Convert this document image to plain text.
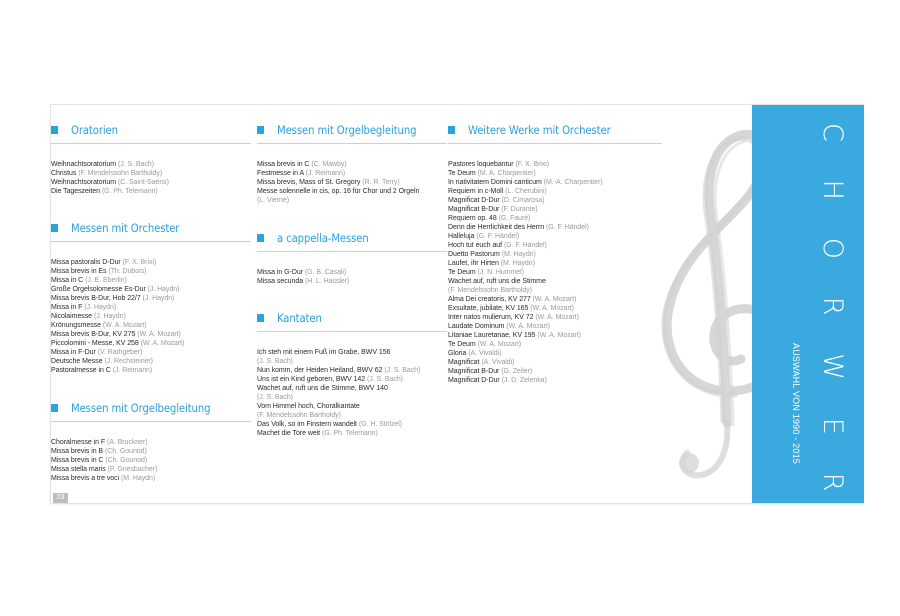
Oratorien
Weihnachtsoratorium (J. S. Bach)
Christus (F. Mendelssohn Bartholdy)
Weihnachtsoratorium (C. Saint-Saëns)
Die Tageszeiten (G. Ph. Telemann)
Messen mit Orchester
Missa pastoralis D-Dur (F. X. Brixi)
Missa brevis in Es (Th. Dubois)
Missa in C (J. E. Eberlin)
Große Orgelsolomesse Es-Dur (J. Haydn)
Missa brevis B-Dur, Hob 22/7 (J. Haydn)
Missa in F (J. Haydn)
Nicolaimesse (J. Haydn)
Krönungsmesse (W. A. Mozart)
Missa brevis B-Dur, KV 275 (W. A. Mozart)
Piccolomini - Messe, KV 258 (W. A. Mozart)
Missa in F-Dur (V. Rathgeber)
Deutsche Messe (J. Rechsteiner)
Pastoralmesse in C (J. Reimann)
Messen mit Orgelbegleitung
Choralmesse in F (A. Bruckner)
Missa brevis in B (Ch. Gounod)
Missa brevis in C (Ch. Gounod)
Missa stella maris (P. Griesbacher)
Missa brevis a tre voci (M. Haydn)
23
Messen mit Orgelbegleitung
Missa brevis in C (C. Mawby)
Festmesse in A (J. Reimann)
Missa brevis, Mass of St. Gregory (R. R. Terry)
Messe solennelle in cis, op. 16 für Chor und 2 Orgeln
(L. Vierne)
a cappella-Messen
Missa in G-Dur (G. B. Casali)
Missa secunda (H. L. Hassler)
Kantaten
Ich steh mit einem Fuß im Grabe, BWV 156
(J. S. Bach)
Nun komm, der Heiden Heiland, BWV 62 (J. S. Bach)
Uns ist ein Kind geboren, BWV 142 (J. S. Bach)
Wachet auf, ruft uns die Stimme, BWV 140
(J. S. Bach)
Vom Himmel hoch, Choralkantate
(F. Mendelssohn Bartholdy)
Das Volk, so im Finstern wandelt (G. H. Stölzel)
Machet die Tore weit (G. Ph. Telemann)
Weitere Werke mit Orchester
Pastores loquebantur (F. X. Brixi)
Te Deum (M. A. Charpentier)
In nativitatem Domini canticum (M.-A. Charpentier)
Requiem in c-Moll (L. Cherubini)
Magnificat D-Dur (D. Cimarosa)
Magnificat B-Dur (F. Durante)
Requiem op. 48 (G. Fauré)
Denn die Herrlichkeit des Herrn (G. F. Händel)
Halleluja (G. F. Händel)
Hoch tut euch auf (G. F. Händel)
Duetto Pastorum (M. Haydn)
Laufet, ihr Hirten (M. Haydn)
Te Deum (J. N. Hummel)
Wachet auf, ruft uns die Stimme
(F. Mendelssohn Bartholdy)
Alma Dei creatoris, KV 277 (W. A. Mozart)
Exsultate, jubilate, KV 165 (W. A. Mozart)
Inter natos mulierum, KV 72 (W. A. Mozart)
Laudate Dominum (W. A. Mozart)
Litaniae Lauretanae, KV 195 (W. A. Mozart)
Te Deum (W. A. Mozart)
Gloria (A. Vivaldi)
Magnificat (A. Vivaldi)
Magnificat B-Dur (G. Zeiler)
Magnificat D-Dur (J. D. Zelenka)	AUSWAHL VON 1990 - 2015 C H O R W E R K E
